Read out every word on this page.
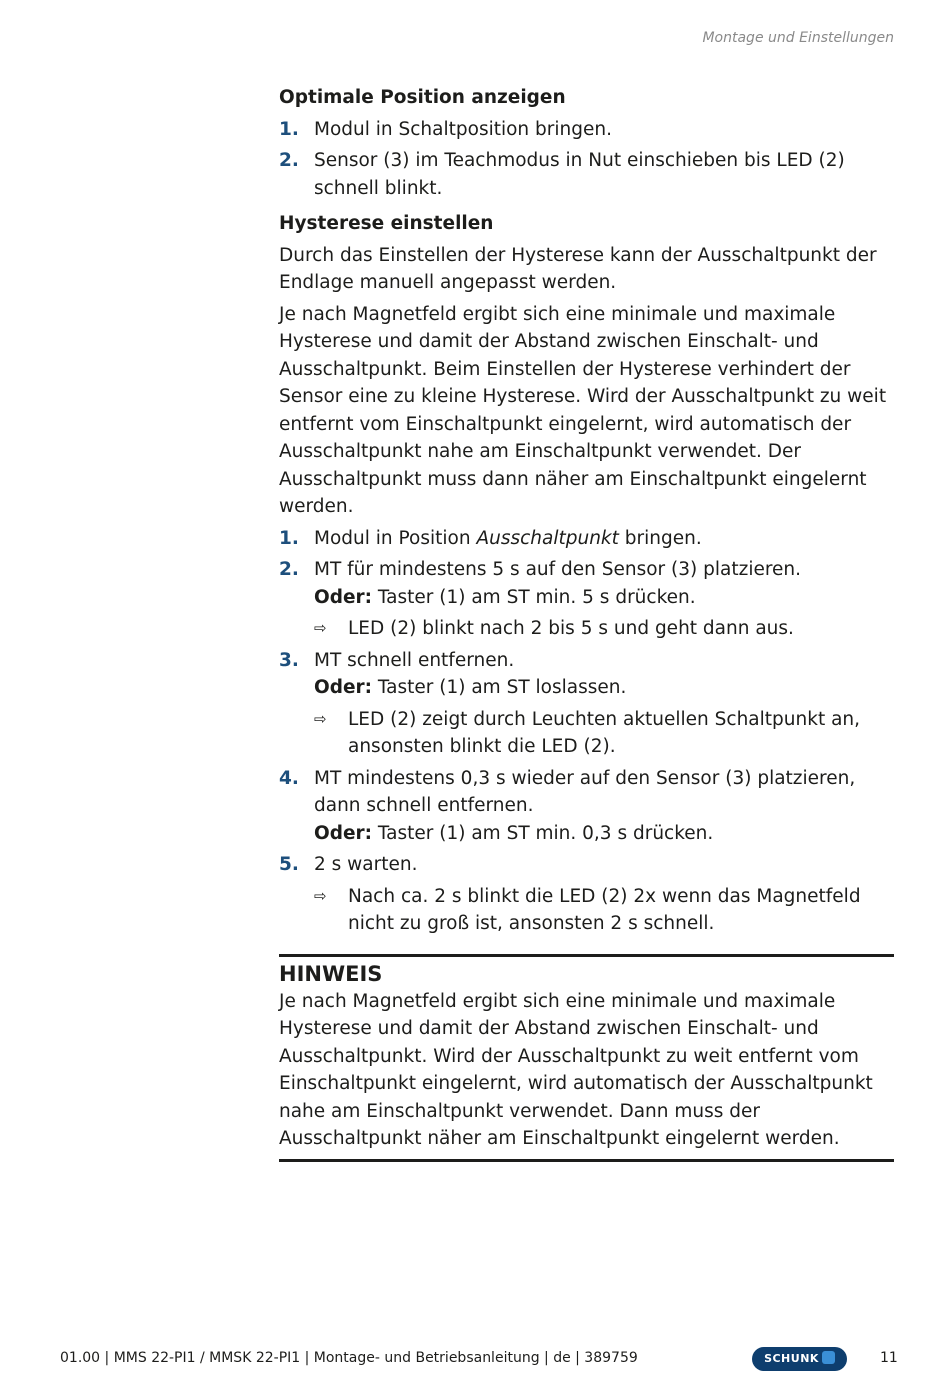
Montage und Einstellungen
Optimale Position anzeigen
1. Modul in Schaltposition bringen.
2. Sensor (3) im Teachmodus in Nut einschieben bis LED (2) schnell blinkt.
Hysterese einstellen
Durch das Einstellen der Hysterese kann der Ausschaltpunkt der Endlage manuell angepasst werden.
Je nach Magnetfeld ergibt sich eine minimale und maximale Hysterese und damit der Abstand zwischen Einschalt- und Ausschaltpunkt. Beim Einstellen der Hysterese verhindert der Sensor eine zu kleine Hysterese. Wird der Ausschaltpunkt zu weit entfernt vom Einschaltpunkt eingelernt, wird automatisch der Ausschaltpunkt nahe am Einschaltpunkt verwendet. Der Ausschaltpunkt muss dann näher am Einschaltpunkt eingelernt werden.
1. Modul in Position Ausschaltpunkt bringen.
2. MT für mindestens 5 s auf den Sensor (3) platzieren.
Oder: Taster (1) am ST min. 5 s drücken.
⇨ LED (2) blinkt nach 2 bis 5 s und geht dann aus.
3. MT schnell entfernen.
Oder: Taster (1) am ST loslassen.
⇨ LED (2) zeigt durch Leuchten aktuellen Schaltpunkt an, ansonsten blinkt die LED (2).
4. MT mindestens 0,3 s wieder auf den Sensor (3) platzieren, dann schnell entfernen.
Oder: Taster (1) am ST min. 0,3 s drücken.
5. 2 s warten.
⇨ Nach ca. 2 s blinkt die LED (2) 2x wenn das Magnetfeld nicht zu groß ist, ansonsten 2 s schnell.
HINWEIS
Je nach Magnetfeld ergibt sich eine minimale und maximale Hysterese und damit der Abstand zwischen Einschalt- und Ausschaltpunkt. Wird der Ausschaltpunkt zu weit entfernt vom Einschaltpunkt eingelernt, wird automatisch der Ausschaltpunkt nahe am Einschaltpunkt verwendet. Dann muss der Ausschaltpunkt näher am Einschaltpunkt eingelernt werden.
01.00 | MMS 22-PI1 / MMSK 22-PI1 | Montage- und Betriebsanleitung | de | 389759	SCHUNK	11
